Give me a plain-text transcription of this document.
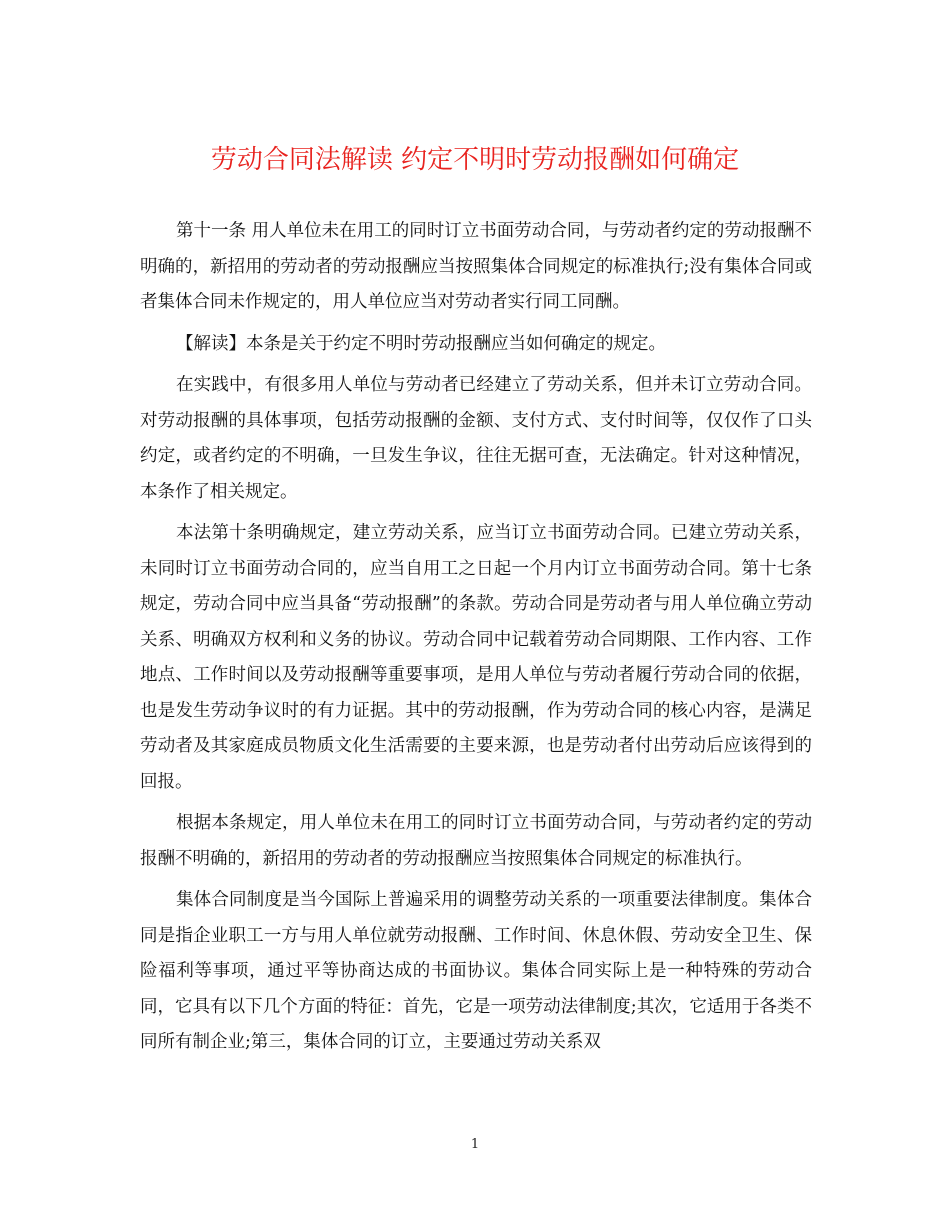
劳动合同法解读 约定不明时劳动报酬如何确定

第十一条 用人单位未在用工的同时订立书面劳动合同，与劳动者约定的劳动报酬不明确的，新招用的劳动者的劳动报酬应当按照集体合同规定的标准执行;没有集体合同或者集体合同未作规定的，用人单位应当对劳动者实行同工同酬。

【解读】本条是关于约定不明时劳动报酬应当如何确定的规定。

在实践中，有很多用人单位与劳动者已经建立了劳动关系，但并未订立劳动合同。对劳动报酬的具体事项，包括劳动报酬的金额、支付方式、支付时间等，仅仅作了口头约定，或者约定的不明确，一旦发生争议，往往无据可查，无法确定。针对这种情况，本条作了相关规定。

本法第十条明确规定，建立劳动关系，应当订立书面劳动合同。已建立劳动关系，未同时订立书面劳动合同的，应当自用工之日起一个月内订立书面劳动合同。第十七条规定，劳动合同中应当具备“劳动报酬”的条款。劳动合同是劳动者与用人单位确立劳动关系、明确双方权利和义务的协议。劳动合同中记载着劳动合同期限、工作内容、工作地点、工作时间以及劳动报酬等重要事项，是用人单位与劳动者履行劳动合同的依据，也是发生劳动争议时的有力证据。其中的劳动报酬，作为劳动合同的核心内容，是满足劳动者及其家庭成员物质文化生活需要的主要来源，也是劳动者付出劳动后应该得到的回报。

根据本条规定，用人单位未在用工的同时订立书面劳动合同，与劳动者约定的劳动报酬不明确的，新招用的劳动者的劳动报酬应当按照集体合同规定的标准执行。

集体合同制度是当今国际上普遍采用的调整劳动关系的一项重要法律制度。集体合同是指企业职工一方与用人单位就劳动报酬、工作时间、休息休假、劳动安全卫生、保险福利等事项，通过平等协商达成的书面协议。集体合同实际上是一种特殊的劳动合同，它具有以下几个方面的特征：首先，它是一项劳动法律制度;其次，它适用于各类不同所有制企业;第三，集体合同的订立，主要通过劳动关系双

1
